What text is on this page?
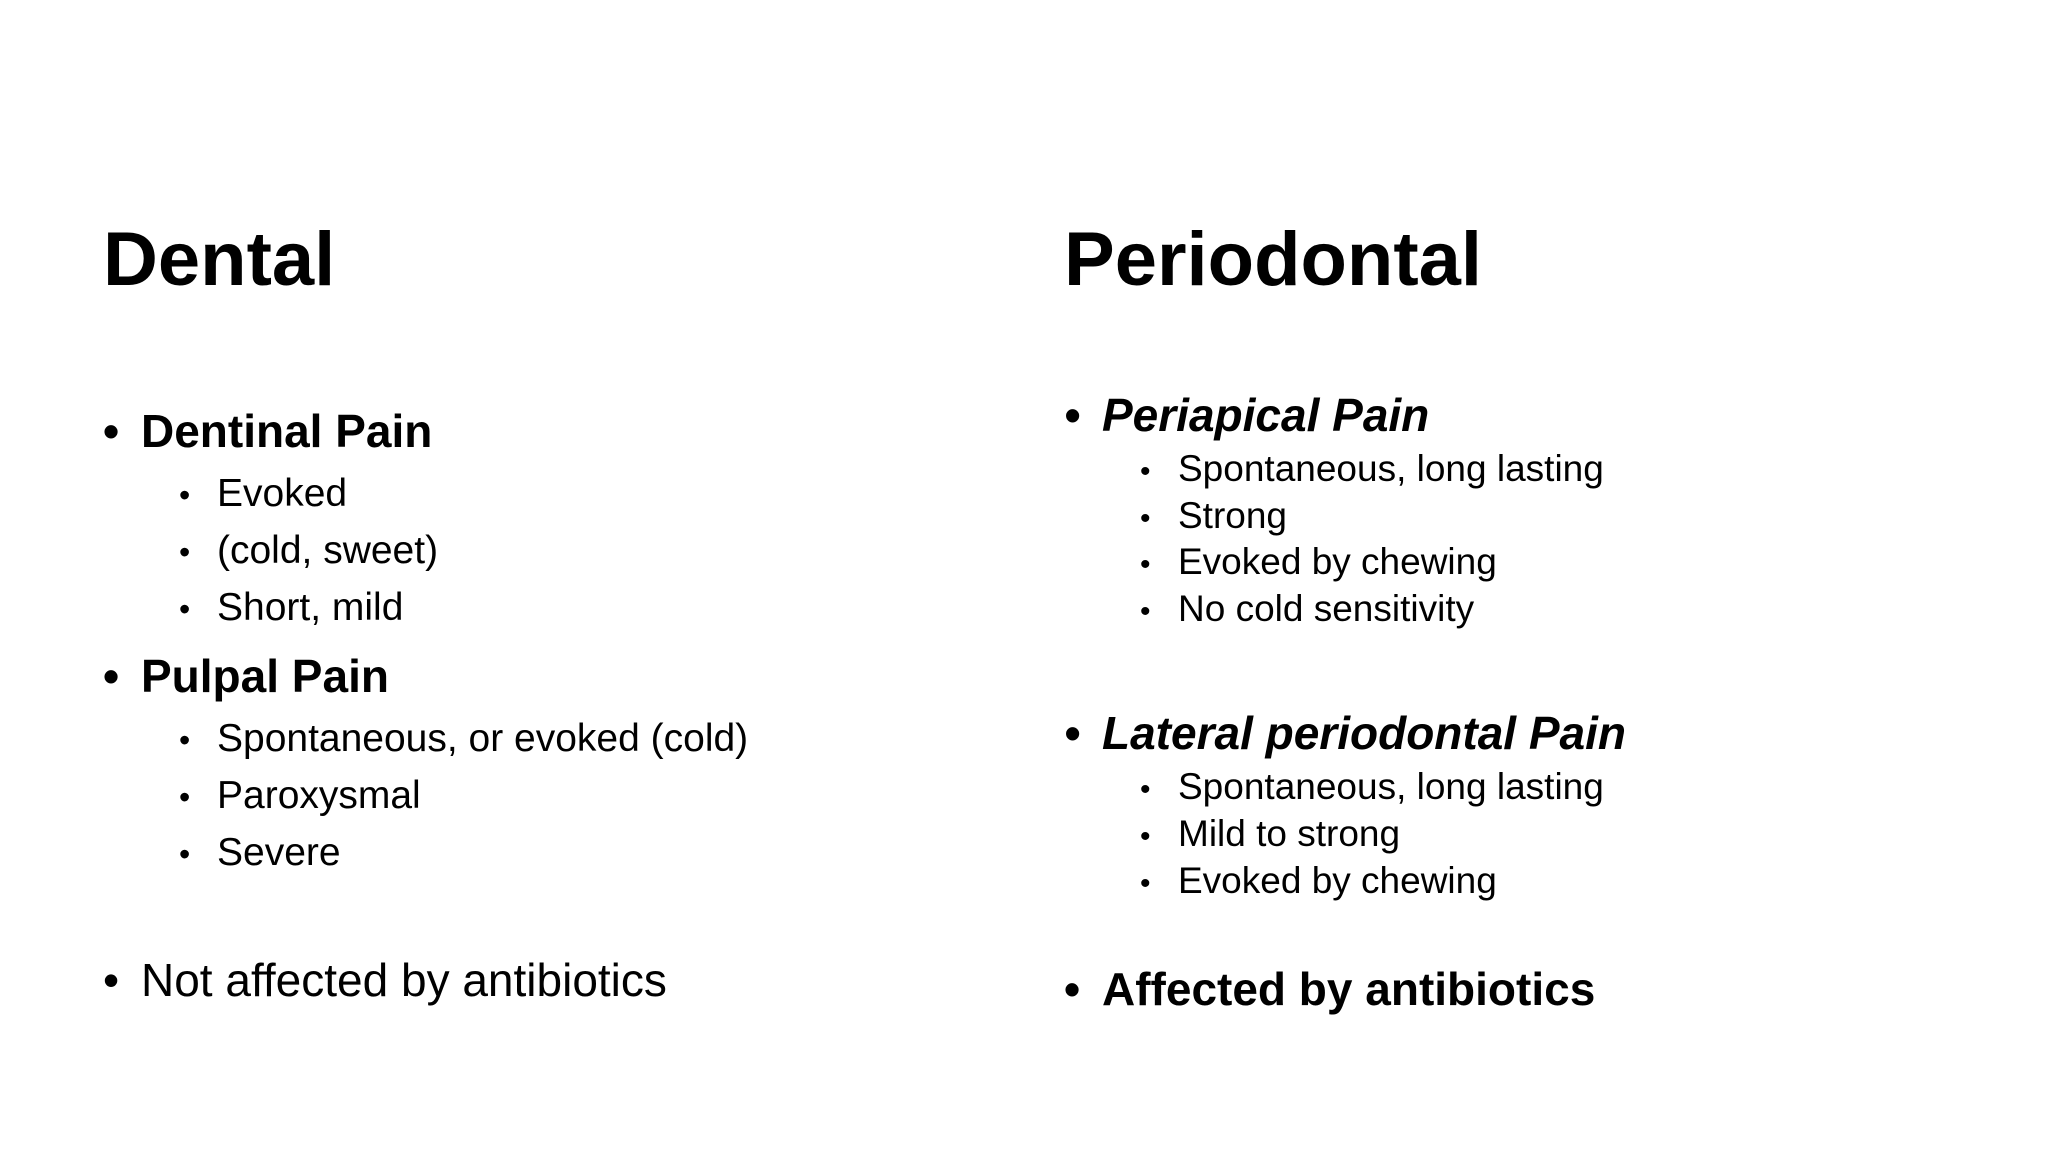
Dental
• Dentinal Pain
• Evoked
• (cold, sweet)
• Short, mild
• Pulpal Pain
• Spontaneous, or evoked (cold)
• Paroxysmal
• Severe
• Not affected by antibiotics
Periodontal
• Periapical Pain
• Spontaneous, long lasting
• Strong
• Evoked by chewing
• No cold sensitivity
• Lateral periodontal Pain
• Spontaneous, long lasting
• Mild to strong
• Evoked by chewing
• Affected by antibiotics
